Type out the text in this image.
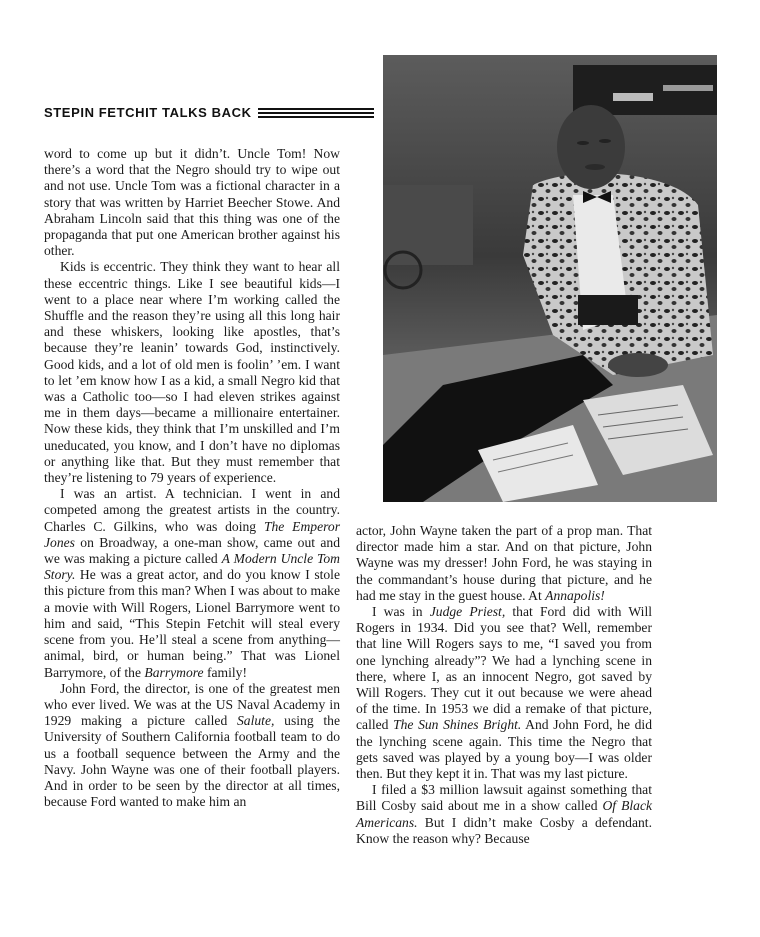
STEPIN FETCHIT TALKS BACK

word to come up but it didn’t. Uncle Tom! Now there’s a word that the Negro should try to wipe out and not use. Uncle Tom was a fictional character in a story that was written by Harriet Beecher Stowe. And Abraham Lincoln said that this thing was one of the propaganda that put one American brother against his other.

Kids is eccentric. They think they want to hear all these eccentric things. Like I see beautiful kids—I went to a place near where I’m working called the Shuffle and the reason they’re using all this long hair and these whiskers, looking like apostles, that’s because they’re leanin’ towards God, instinctively. Good kids, and a lot of old men is foolin’ ’em. I want to let ’em know how I as a kid, a small Negro kid that was a Catholic too—so I had eleven strikes against me in them days—became a millionaire entertainer. Now these kids, they think that I’m unskilled and I’m uneducated, you know, and I don’t have no diplomas or anything like that. But they must remember that they’re listening to 79 years of experience.

I was an artist. A technician. I went in and competed among the greatest artists in the country. Charles C. Gilkins, who was doing The Emperor Jones on Broadway, a one-man show, came out and we was making a picture called A Modern Uncle Tom Story. He was a great actor, and do you know I stole this picture from this man? When I was about to make a movie with Will Rogers, Lionel Barrymore went to him and said, “This Stepin Fetchit will steal every scene from you. He’ll steal a scene from anything—animal, bird, or human being.” That was Lionel Barrymore, of the Barrymore family!

John Ford, the director, is one of the greatest men who ever lived. We was at the US Naval Academy in 1929 making a picture called Salute, using the University of Southern California football team to do us a football sequence between the Army and the Navy. John Wayne was one of their football players. And in order to be seen by the director at all times, because Ford wanted to make him an

actor, John Wayne taken the part of a prop man. That director made him a star. And on that picture, John Wayne was my dresser! John Ford, he was staying in the commandant’s house during that picture, and he had me stay in the guest house. At Annapolis!

I was in Judge Priest, that Ford did with Will Rogers in 1934. Did you see that? Well, remember that line Will Rogers says to me, “I saved you from one lynching already”? We had a lynching scene in there, where I, as an innocent Negro, got saved by Will Rogers. They cut it out because we were ahead of the time. In 1953 we did a remake of that picture, called The Sun Shines Bright. And John Ford, he did the lynching scene again. This time the Negro that gets saved was played by a young boy—I was older then. But they kept it in. That was my last picture.

I filed a $3 million lawsuit against something that Bill Cosby said about me in a show called Of Black Americans. But I didn’t make Cosby a defendant. Know the reason why? Because
